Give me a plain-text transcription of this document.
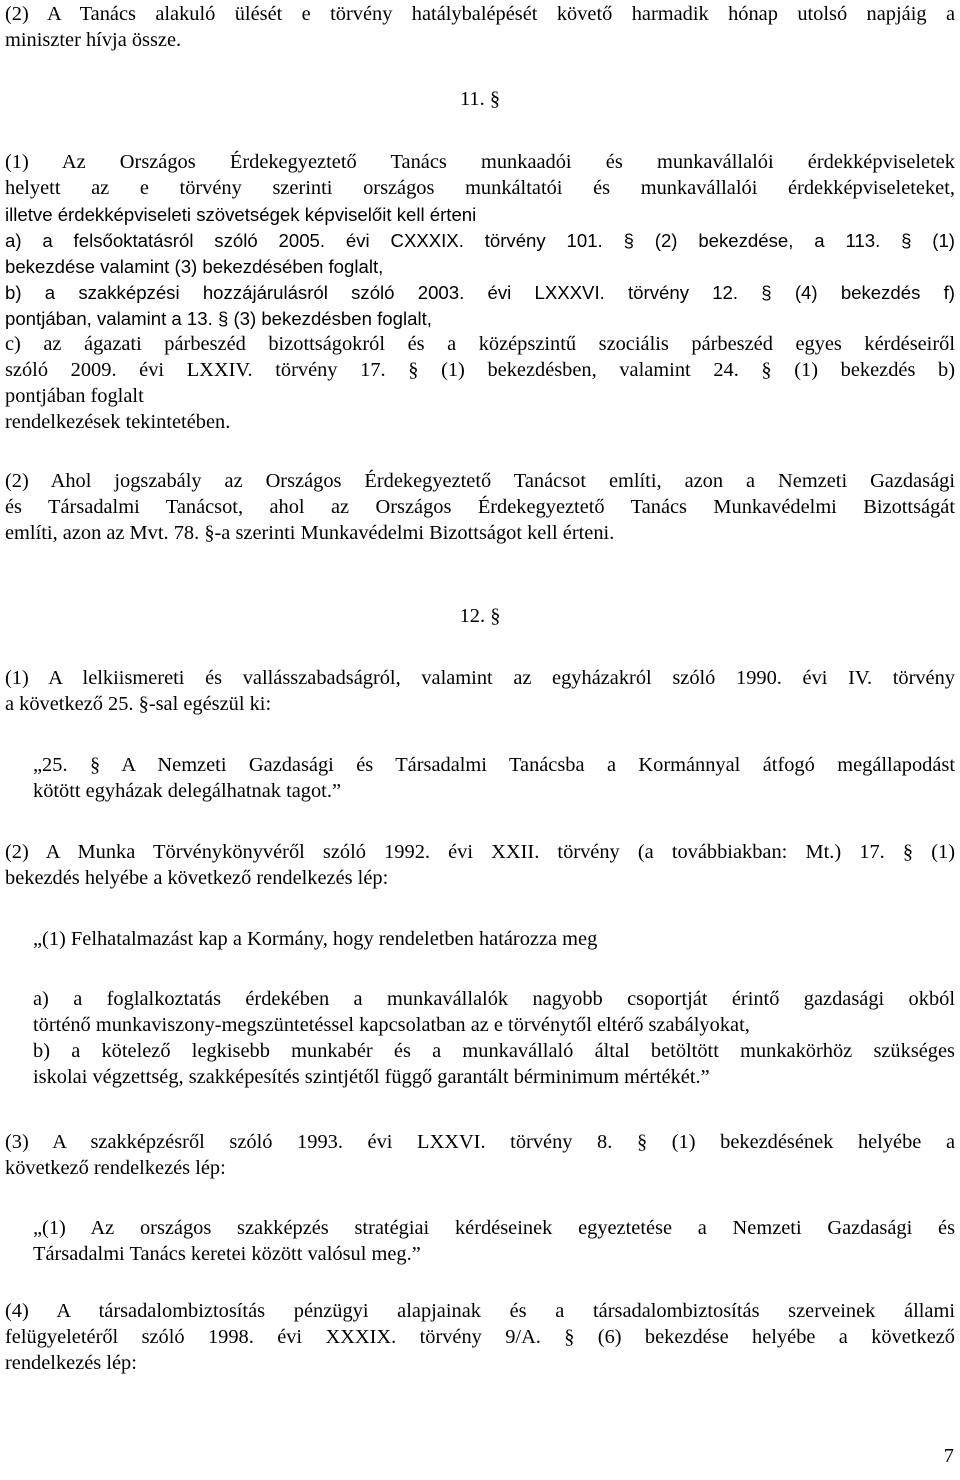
(2) A Tanács alakuló ülését e törvény hatálybalépését követő harmadik hónap utolsó napjáig a
miniszter hívja össze.
11. §
(1) Az Országos Érdekegyeztető Tanács munkaadói és munkavállalói érdekképviseletek
helyett az e törvény szerinti országos munkáltatói és munkavállalói érdekképviseleteket,
illetve érdekképviseleti szövetségek képviselőit kell érteni
a) a felsőoktatásról szóló 2005. évi CXXXIX. törvény 101. § (2) bekezdése, a 113. § (1)
bekezdése valamint (3) bekezdésében foglalt,
b) a szakképzési hozzájárulásról szóló 2003. évi LXXXVI. törvény 12. § (4) bekezdés f)
pontjában, valamint a 13. § (3) bekezdésben foglalt,
c) az ágazati párbeszéd bizottságokról és a középszintű szociális párbeszéd egyes kérdéseiről
szóló 2009. évi LXXIV. törvény 17. § (1) bekezdésben, valamint 24. § (1) bekezdés b)
pontjában foglalt
rendelkezések tekintetében.
(2) Ahol jogszabály az Országos Érdekegyeztető Tanácsot említi, azon a Nemzeti Gazdasági
és Társadalmi Tanácsot, ahol az Országos Érdekegyeztető Tanács Munkavédelmi Bizottságát
említi, azon az Mvt. 78. §-a szerinti Munkavédelmi Bizottságot kell érteni.
12. §
(1) A lelkiismereti és vallásszabadságról, valamint az egyházakról szóló 1990. évi IV. törvény
a következő 25. §-sal egészül ki:
„25. § A Nemzeti Gazdasági és Társadalmi Tanácsba a Kormánnyal átfogó megállapodást
kötött egyházak delegálhatnak tagot.”
(2) A Munka Törvénykönyvéről szóló 1992. évi XXII. törvény (a továbbiakban: Mt.) 17. § (1)
bekezdés helyébe a következő rendelkezés lép:
„(1) Felhatalmazást kap a Kormány, hogy rendeletben határozza meg
a) a foglalkoztatás érdekében a munkavállalók nagyobb csoportját érintő gazdasági okból
történő munkaviszony-megszüntetéssel kapcsolatban az e törvénytől eltérő szabályokat,
b) a kötelező legkisebb munkabér és a munkavállaló által betöltött munkakörhöz szükséges
iskolai végzettség, szakképesítés szintjétől függő garantált bérminimum mértékét.”
(3) A szakképzésről szóló 1993. évi LXXVI. törvény 8. § (1) bekezdésének helyébe a
következő rendelkezés lép:
„(1) Az országos szakképzés stratégiai kérdéseinek egyeztetése a Nemzeti Gazdasági és
Társadalmi Tanács keretei között valósul meg.”
(4) A társadalombiztosítás pénzügyi alapjainak és a társadalombiztosítás szerveinek állami
felügyeletéről szóló 1998. évi XXXIX. törvény 9/A. § (6) bekezdése helyébe a következő
rendelkezés lép:
7
